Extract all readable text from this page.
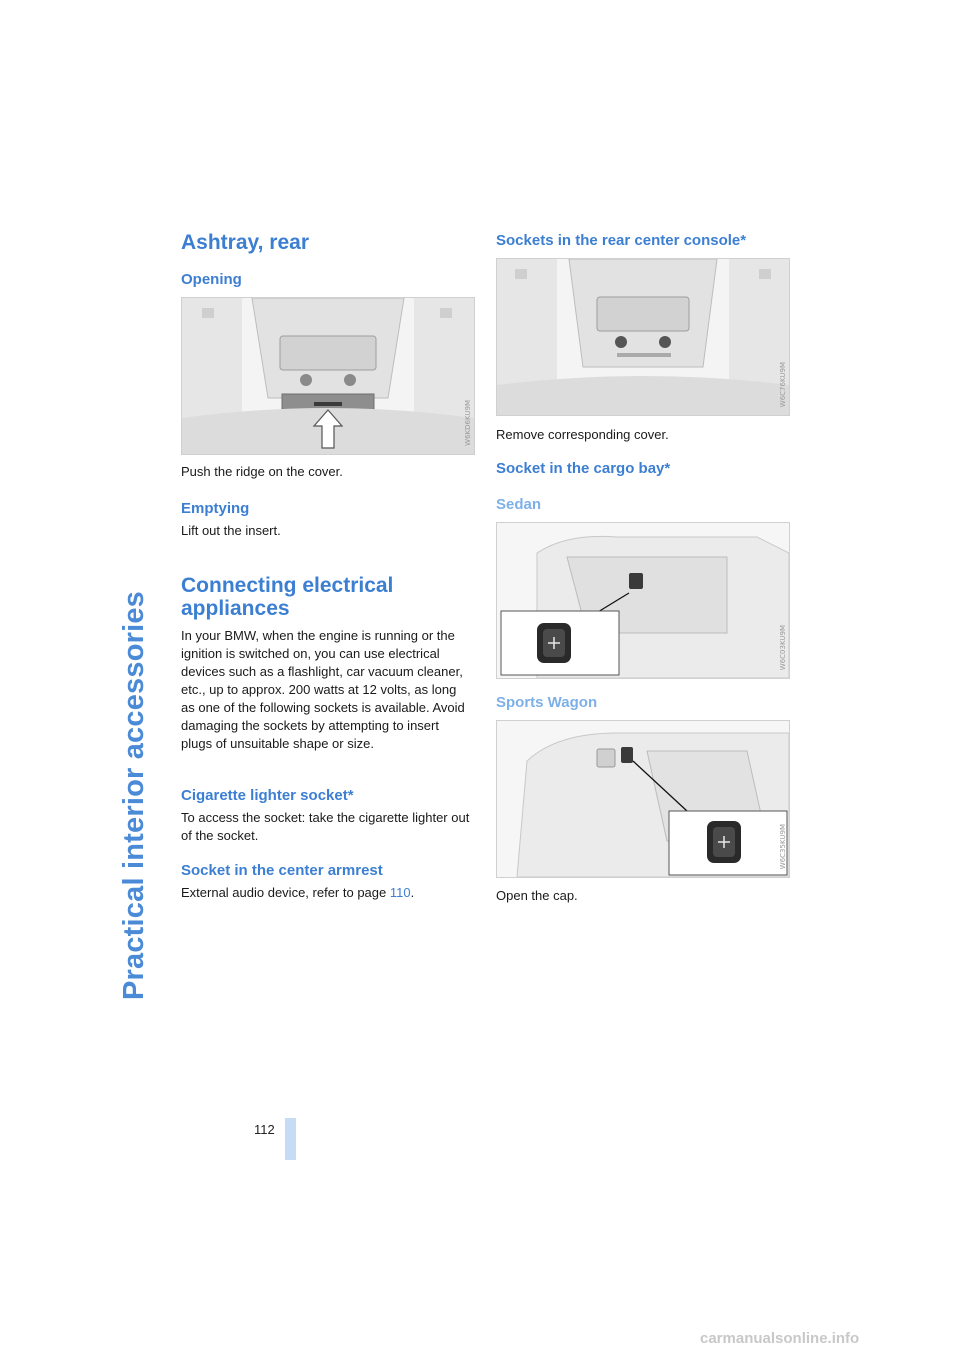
Practical interior accessories
Ashtray, rear
Opening
W6KD6KU9M

Push the ridge on the cover.

Emptying

Lift out the insert.

Connecting electrical
appliances

In your BMW, when the engine is running or the ignition is switched on, you can use electrical devices such as a flashlight, car vacuum cleaner, etc., up to approx. 200 watts at 12 volts, as long as one of the following sockets is available. Avoid damaging the sockets by attempting to insert plugs of unsuitable shape or size.

Cigarette lighter socket*

To access the socket: take the cigarette lighter out of the socket.

Socket in the center armrest

External audio device, refer to page 110.

Sockets in the rear center console*
W6C76KU9M

Remove corresponding cover.

Socket in the cargo bay*
Sedan
W6C03KU9M
Sports Wagon
W6C35KU9M

Open the cap.

112
carmanualsonline.info
